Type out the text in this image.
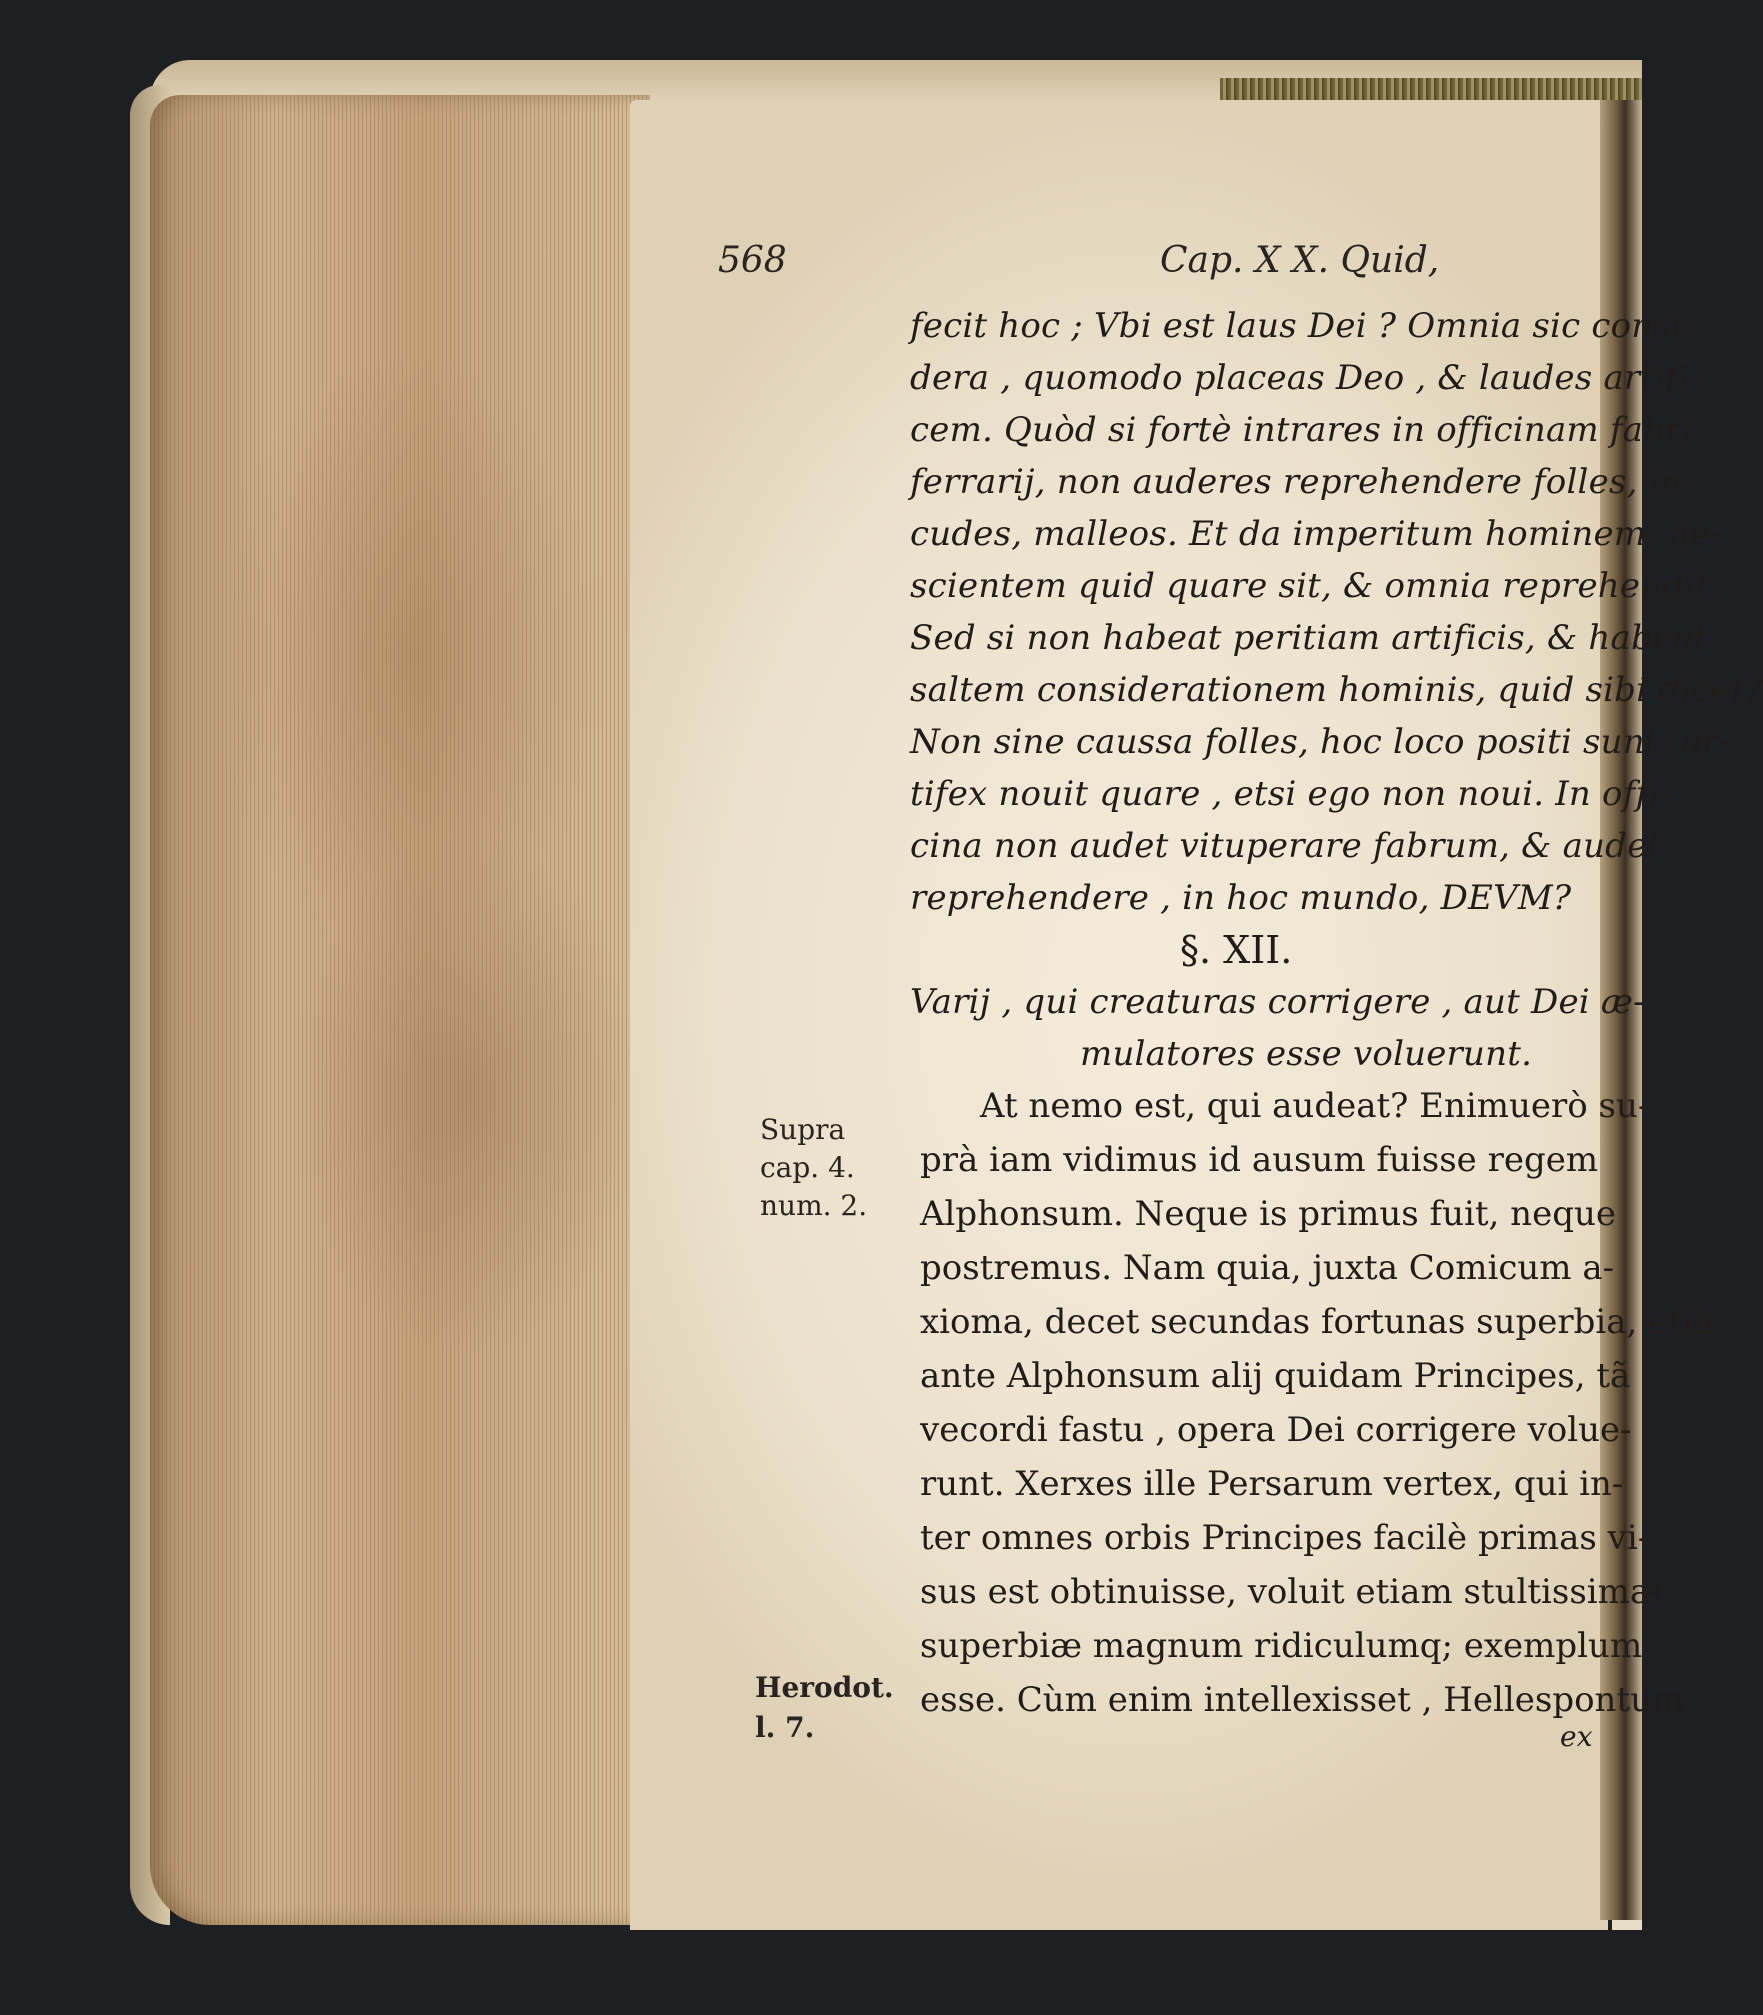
568	Cap. X X. Quid,
fecit hoc ; Vbi est laus Dei ? Omnia sic consi-
dera , quomodo placeas Deo , & laudes artifi-
cem. Quòd si fortè intrares in officinam fabri
ferrarij, non auderes reprehendere folles, in-
cudes, malleos. Et da imperitum hominem, ne-
scientem quid quare sit, & omnia reprehendit.
Sed si non habeat peritiam artificis, & habeat
saltem considerationem hominis, quid sibi dicet?
Non sine caussa folles, hoc loco positi sunt; ar-
tifex nouit quare , etsi ego non noui. In offi-
cina non audet vituperare fabrum, & audet
reprehendere , in hoc mundo, DEVM?
§. XII.
Varij , qui creaturas corrigere , aut Dei æ-
mulatores esse voluerunt.
At nemo est, qui audeat? Enimuerò su-
prà iam vidimus id ausum fuisse regem
Alphonsum. Neque is primus fuit, neque
postremus. Nam quia, juxta Comicum a-
xioma, decet secundas fortunas superbia, etiã
ante Alphonsum alij quidam Principes, tã
vecordi fastu , opera Dei corrigere volue-
runt. Xerxes ille Persarum vertex, qui in-
ter omnes orbis Principes facilè primas vi-
sus est obtinuisse, voluit etiam stultissimæ
superbiæ magnum ridiculumq; exemplum
esse. Cùm enim intellexisset , Hellespontum
ex
Supra
cap. 4.
num. 2.
Herodot.
l. 7.
